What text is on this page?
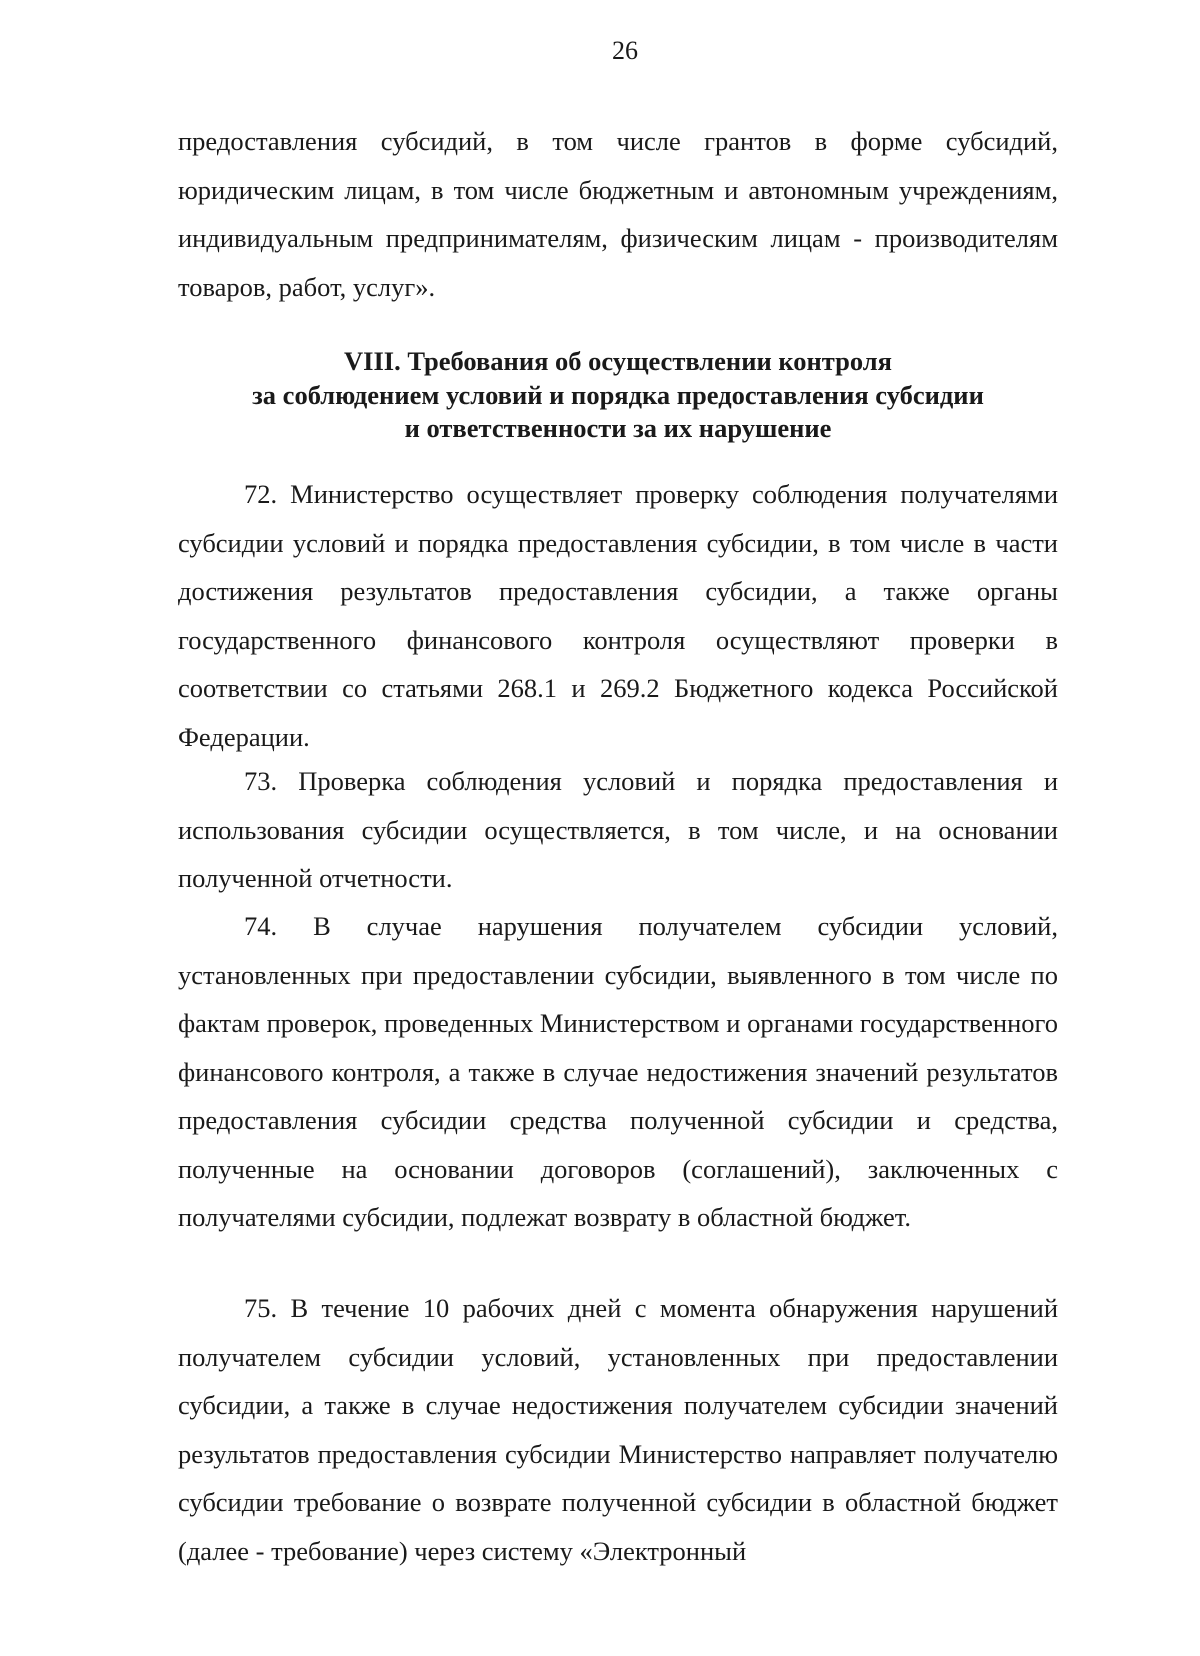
26
предоставления субсидий, в том числе грантов в форме субсидий, юридическим лицам, в том числе бюджетным и автономным учреждениям, индивидуальным предпринимателям, физическим лицам - производителям товаров, работ, услуг».
VIII. Требования об осуществлении контроля
за соблюдением условий и порядка предоставления субсидии
и ответственности за их нарушение
72. Министерство осуществляет проверку соблюдения получателями субсидии условий и порядка предоставления субсидии, в том числе в части достижения результатов предоставления субсидии, а также органы государственного финансового контроля осуществляют проверки в соответствии со статьями 268.1 и 269.2 Бюджетного кодекса Российской Федерации.
73. Проверка соблюдения условий и порядка предоставления и использования субсидии осуществляется, в том числе, и на основании полученной отчетности.
74. В случае нарушения получателем субсидии условий, установленных при предоставлении субсидии, выявленного в том числе по фактам проверок, проведенных Министерством и органами государственного финансового контроля, а также в случае недостижения значений результатов предоставления субсидии средства полученной субсидии и средства, полученные на основании договоров (соглашений), заключенных с получателями субсидии, подлежат возврату в областной бюджет.
75. В течение 10 рабочих дней с момента обнаружения нарушений получателем субсидии условий, установленных при предоставлении субсидии, а также в случае недостижения получателем субсидии значений результатов предоставления субсидии Министерство направляет получателю субсидии требование о возврате полученной субсидии в областной бюджет (далее - требование) через систему «Электронный
